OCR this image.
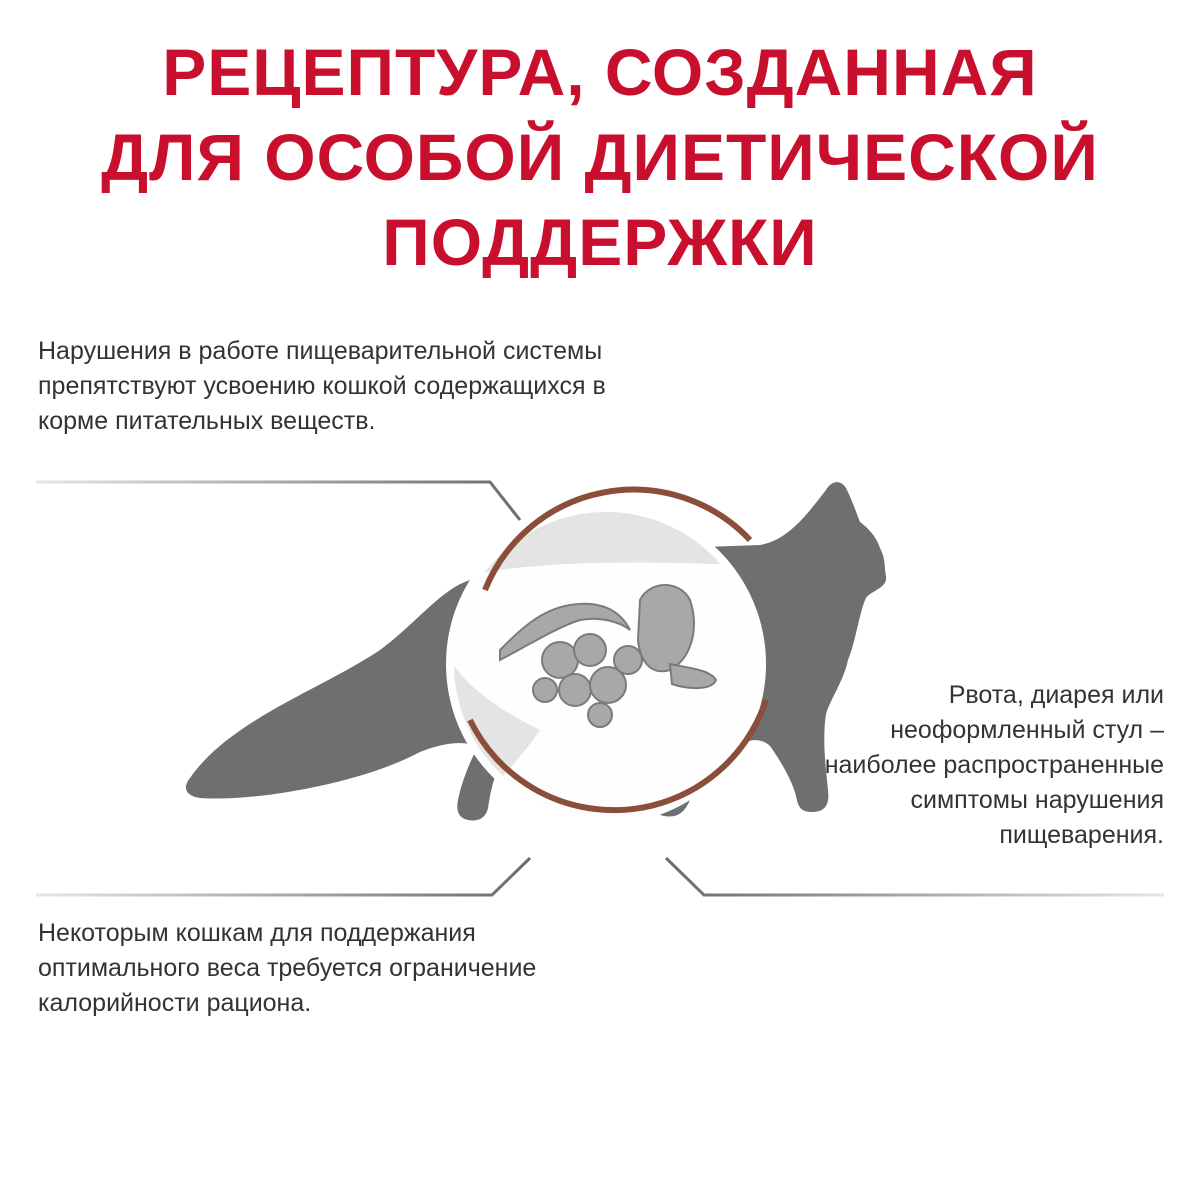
РЕЦЕПТУРА, СОЗДАННАЯ
ДЛЯ ОСОБОЙ ДИЕТИЧЕСКОЙ
ПОДДЕРЖКИ

Нарушения в работе пищеварительной системы препятствуют усвоению кошкой содержащихся в корме питательных веществ.

Некоторым кошкам для поддержания оптимального веса требуется ограничение калорийности рациона.

Рвота, диарея или неоформленный стул – наиболее распространенные симптомы нарушения пищеварения.
